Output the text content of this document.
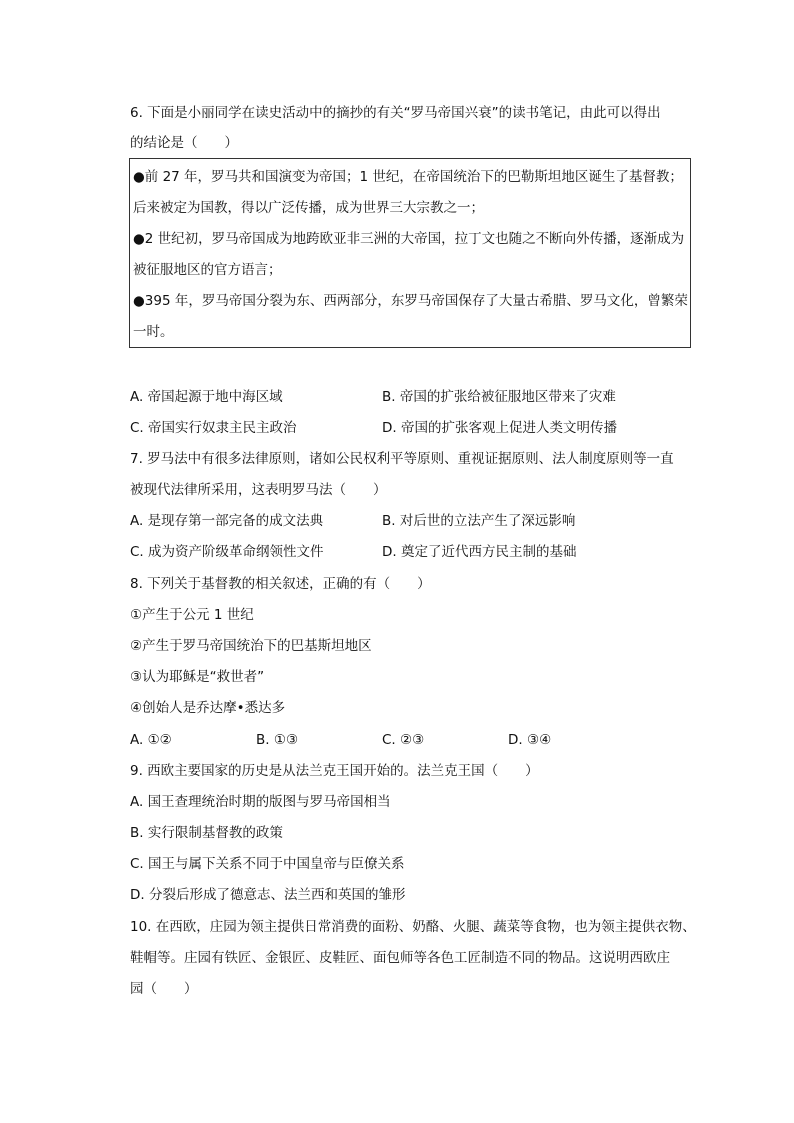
6. 下面是小丽同学在读史活动中的摘抄的有关“罗马帝国兴衰”的读书笔记，由此可以得出
的结论是（　　）
●前 27 年，罗马共和国演变为帝国；1 世纪，在帝国统治下的巴勒斯坦地区诞生了基督教；
后来被定为国教，得以广泛传播，成为世界三大宗教之一；
●2 世纪初，罗马帝国成为地跨欧亚非三洲的大帝国，拉丁文也随之不断向外传播，逐渐成为
被征服地区的官方语言；
●395 年，罗马帝国分裂为东、西两部分，东罗马帝国保存了大量古希腊、罗马文化，曾繁荣
一时。
A. 帝国起源于地中海区域	B. 帝国的扩张给被征服地区带来了灾难
C. 帝国实行奴隶主民主政治	D. 帝国的扩张客观上促进人类文明传播
7. 罗马法中有很多法律原则，诸如公民权利平等原则、重视证据原则、法人制度原则等一直
被现代法律所采用，这表明罗马法（　　）
A. 是现存第一部完备的成文法典	B. 对后世的立法产生了深远影响
C. 成为资产阶级革命纲领性文件	D. 奠定了近代西方民主制的基础
8. 下列关于基督教的相关叙述，正确的有（　　）
①产生于公元 1 世纪
②产生于罗马帝国统治下的巴基斯坦地区
③认为耶稣是“救世者”
④创始人是乔达摩•悉达多
A. ①②	B. ①③	C. ②③	D. ③④
9. 西欧主要国家的历史是从法兰克王国开始的。法兰克王国（　　）
A. 国王查理统治时期的版图与罗马帝国相当
B. 实行限制基督教的政策
C. 国王与属下关系不同于中国皇帝与臣僚关系
D. 分裂后形成了德意志、法兰西和英国的雏形
10. 在西欧，庄园为领主提供日常消费的面粉、奶酪、火腿、蔬菜等食物，也为领主提供衣物、
鞋帽等。庄园有铁匠、金银匠、皮鞋匠、面包师等各色工匠制造不同的物品。这说明西欧庄
园（　　）
